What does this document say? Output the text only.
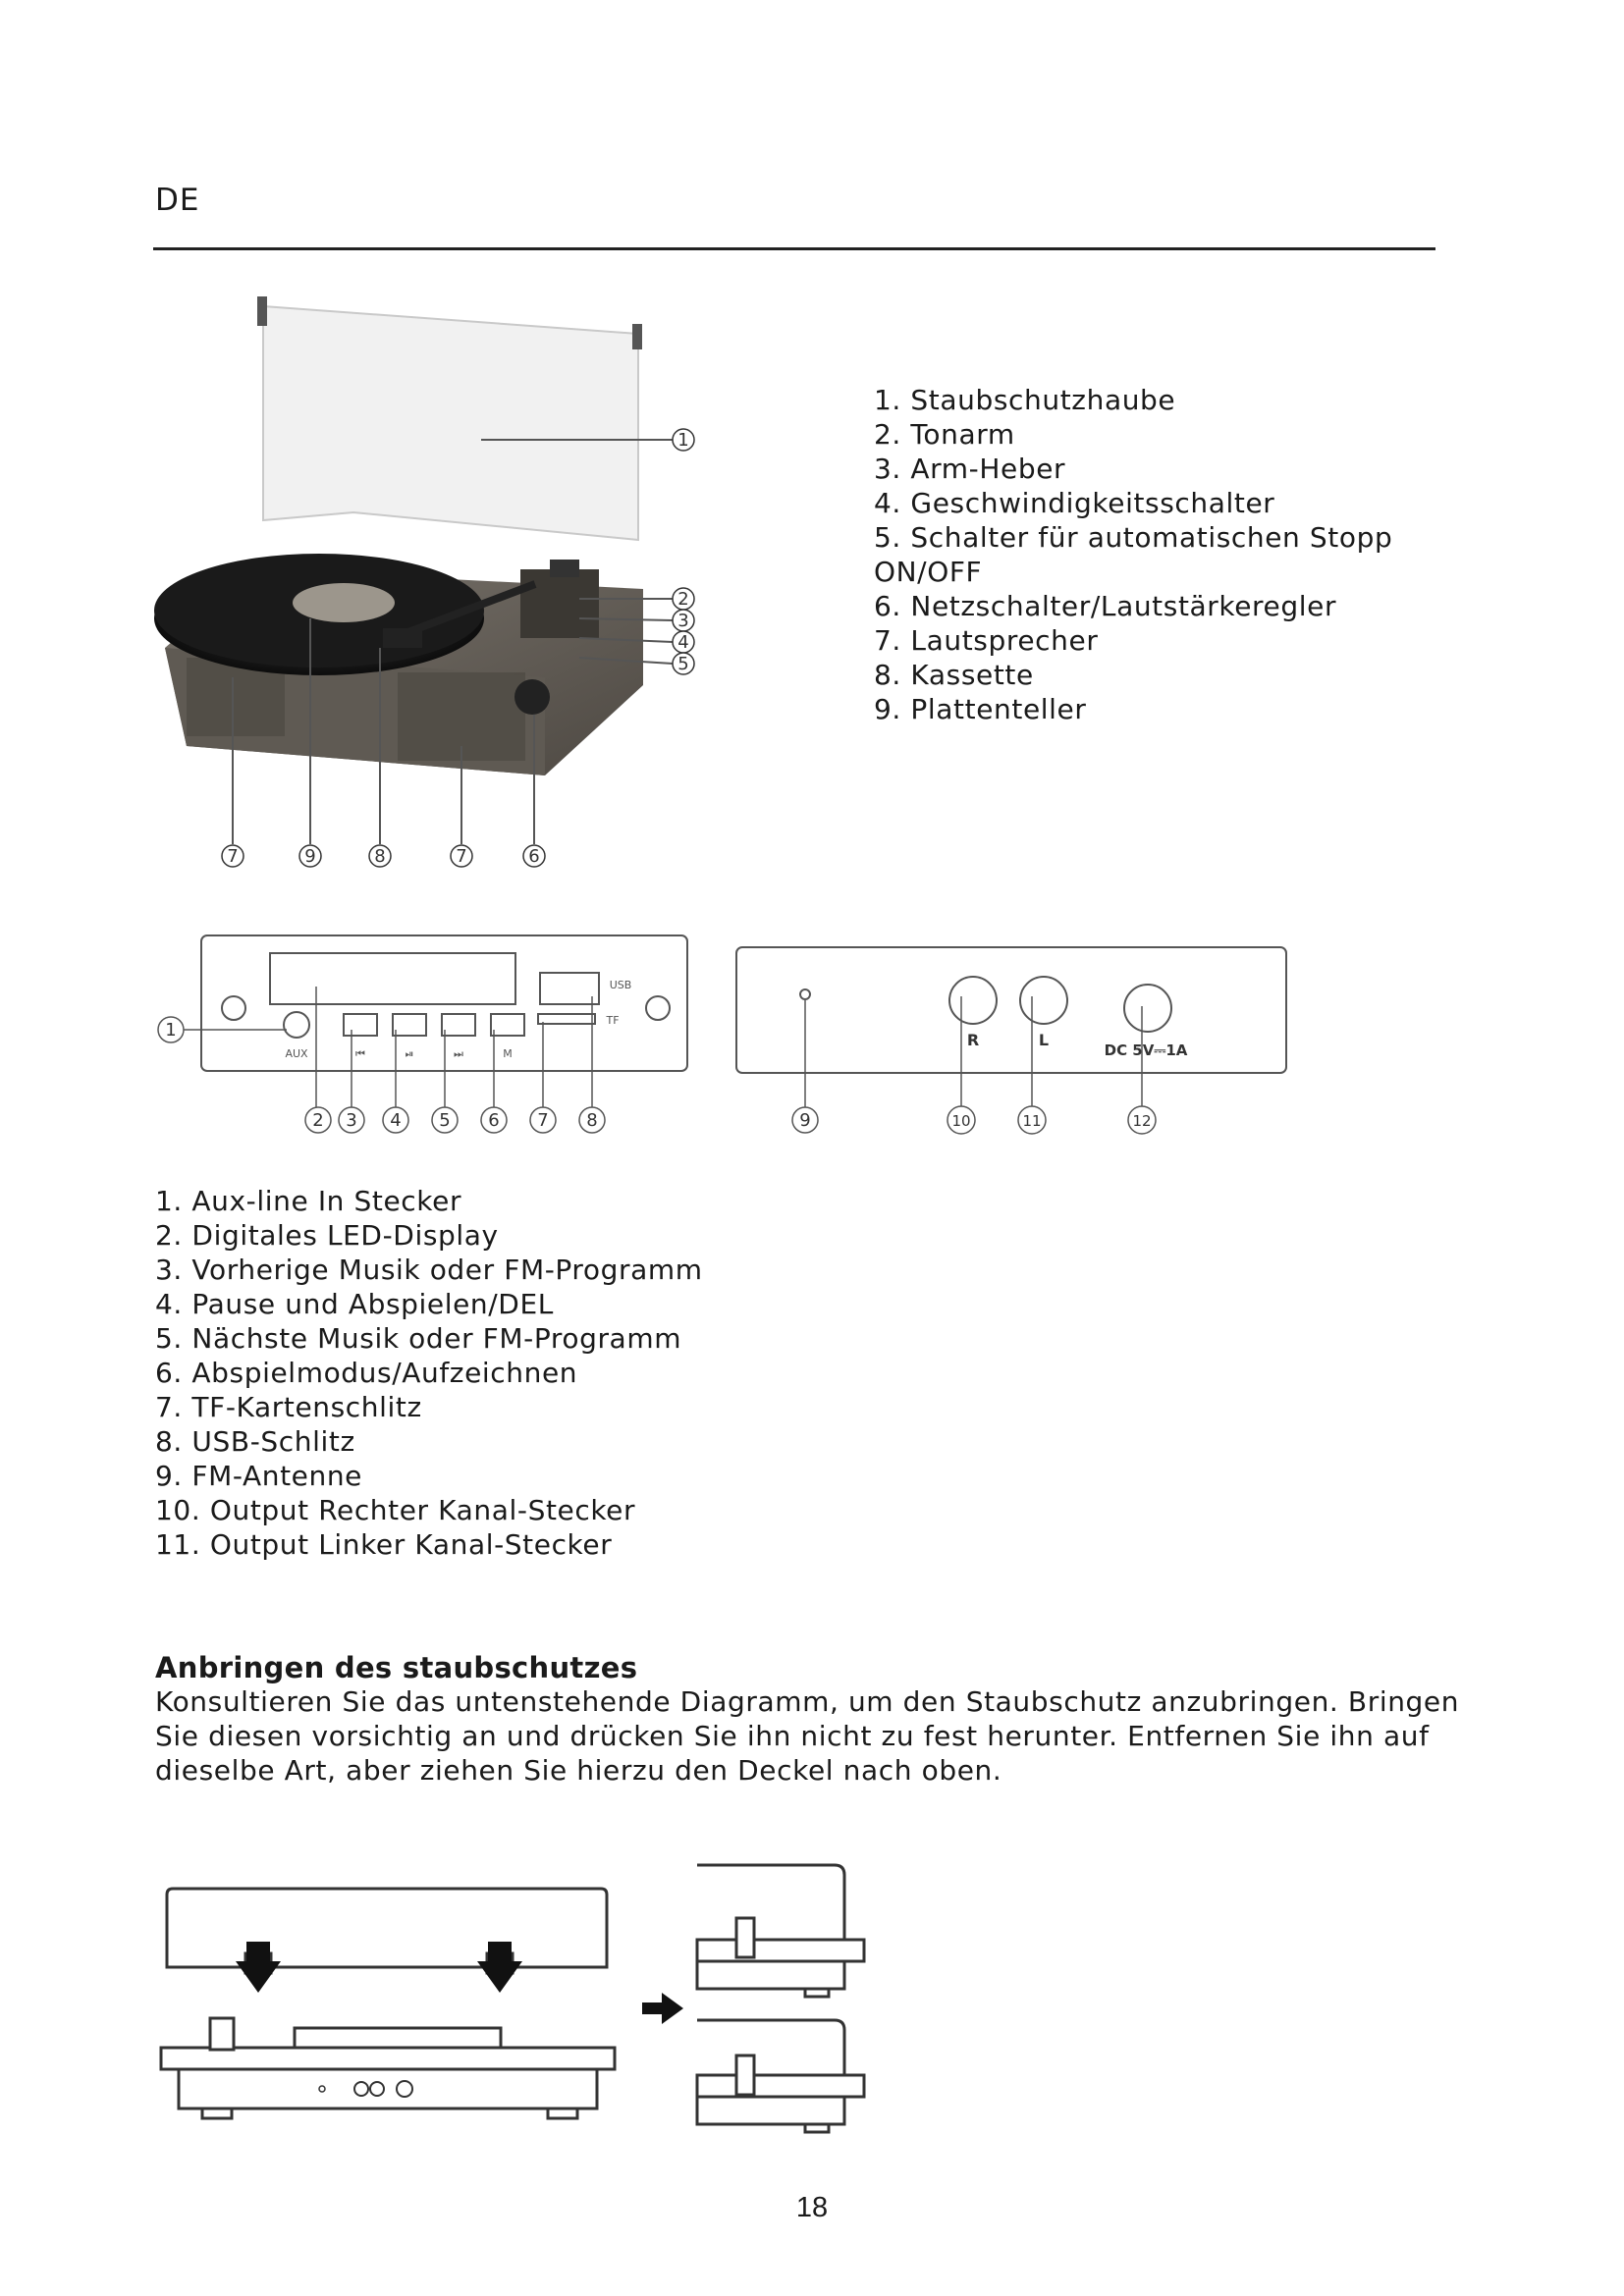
DE
1
2
3
4
5
7	9	8	7	6
1. Staubschutzhaube
2. Tonarm
3. Arm-Heber
4. Geschwindigkeitsschalter
5. Schalter für automatischen Stopp
ON/OFF
6. Netzschalter/Lautstärkeregler
7. Lautsprecher
8. Kassette
9. Plattenteller
AUX
USB
TF
M
⏮	⏯	⏭
1
2 3 4 5 6 7 8
R	L
DC 5V⎓1A
9	10	11	12
1. Aux-line In Stecker
2. Digitales LED-Display
3. Vorherige Musik oder FM-Programm
4. Pause und Abspielen/DEL
5. Nächste Musik oder FM-Programm
6. Abspielmodus/Aufzeichnen
7. TF-Kartenschlitz
8. USB-Schlitz
9. FM-Antenne
10. Output Rechter Kanal-Stecker
11. Output Linker Kanal-Stecker
Anbringen des staubschutzes
Konsultieren Sie das untenstehende Diagramm, um den Staubschutz anzubringen. Bringen Sie diesen vorsichtig an und drücken Sie ihn nicht zu fest herunter. Entfernen Sie ihn auf dieselbe Art, aber ziehen Sie hierzu den Deckel nach oben.
18
